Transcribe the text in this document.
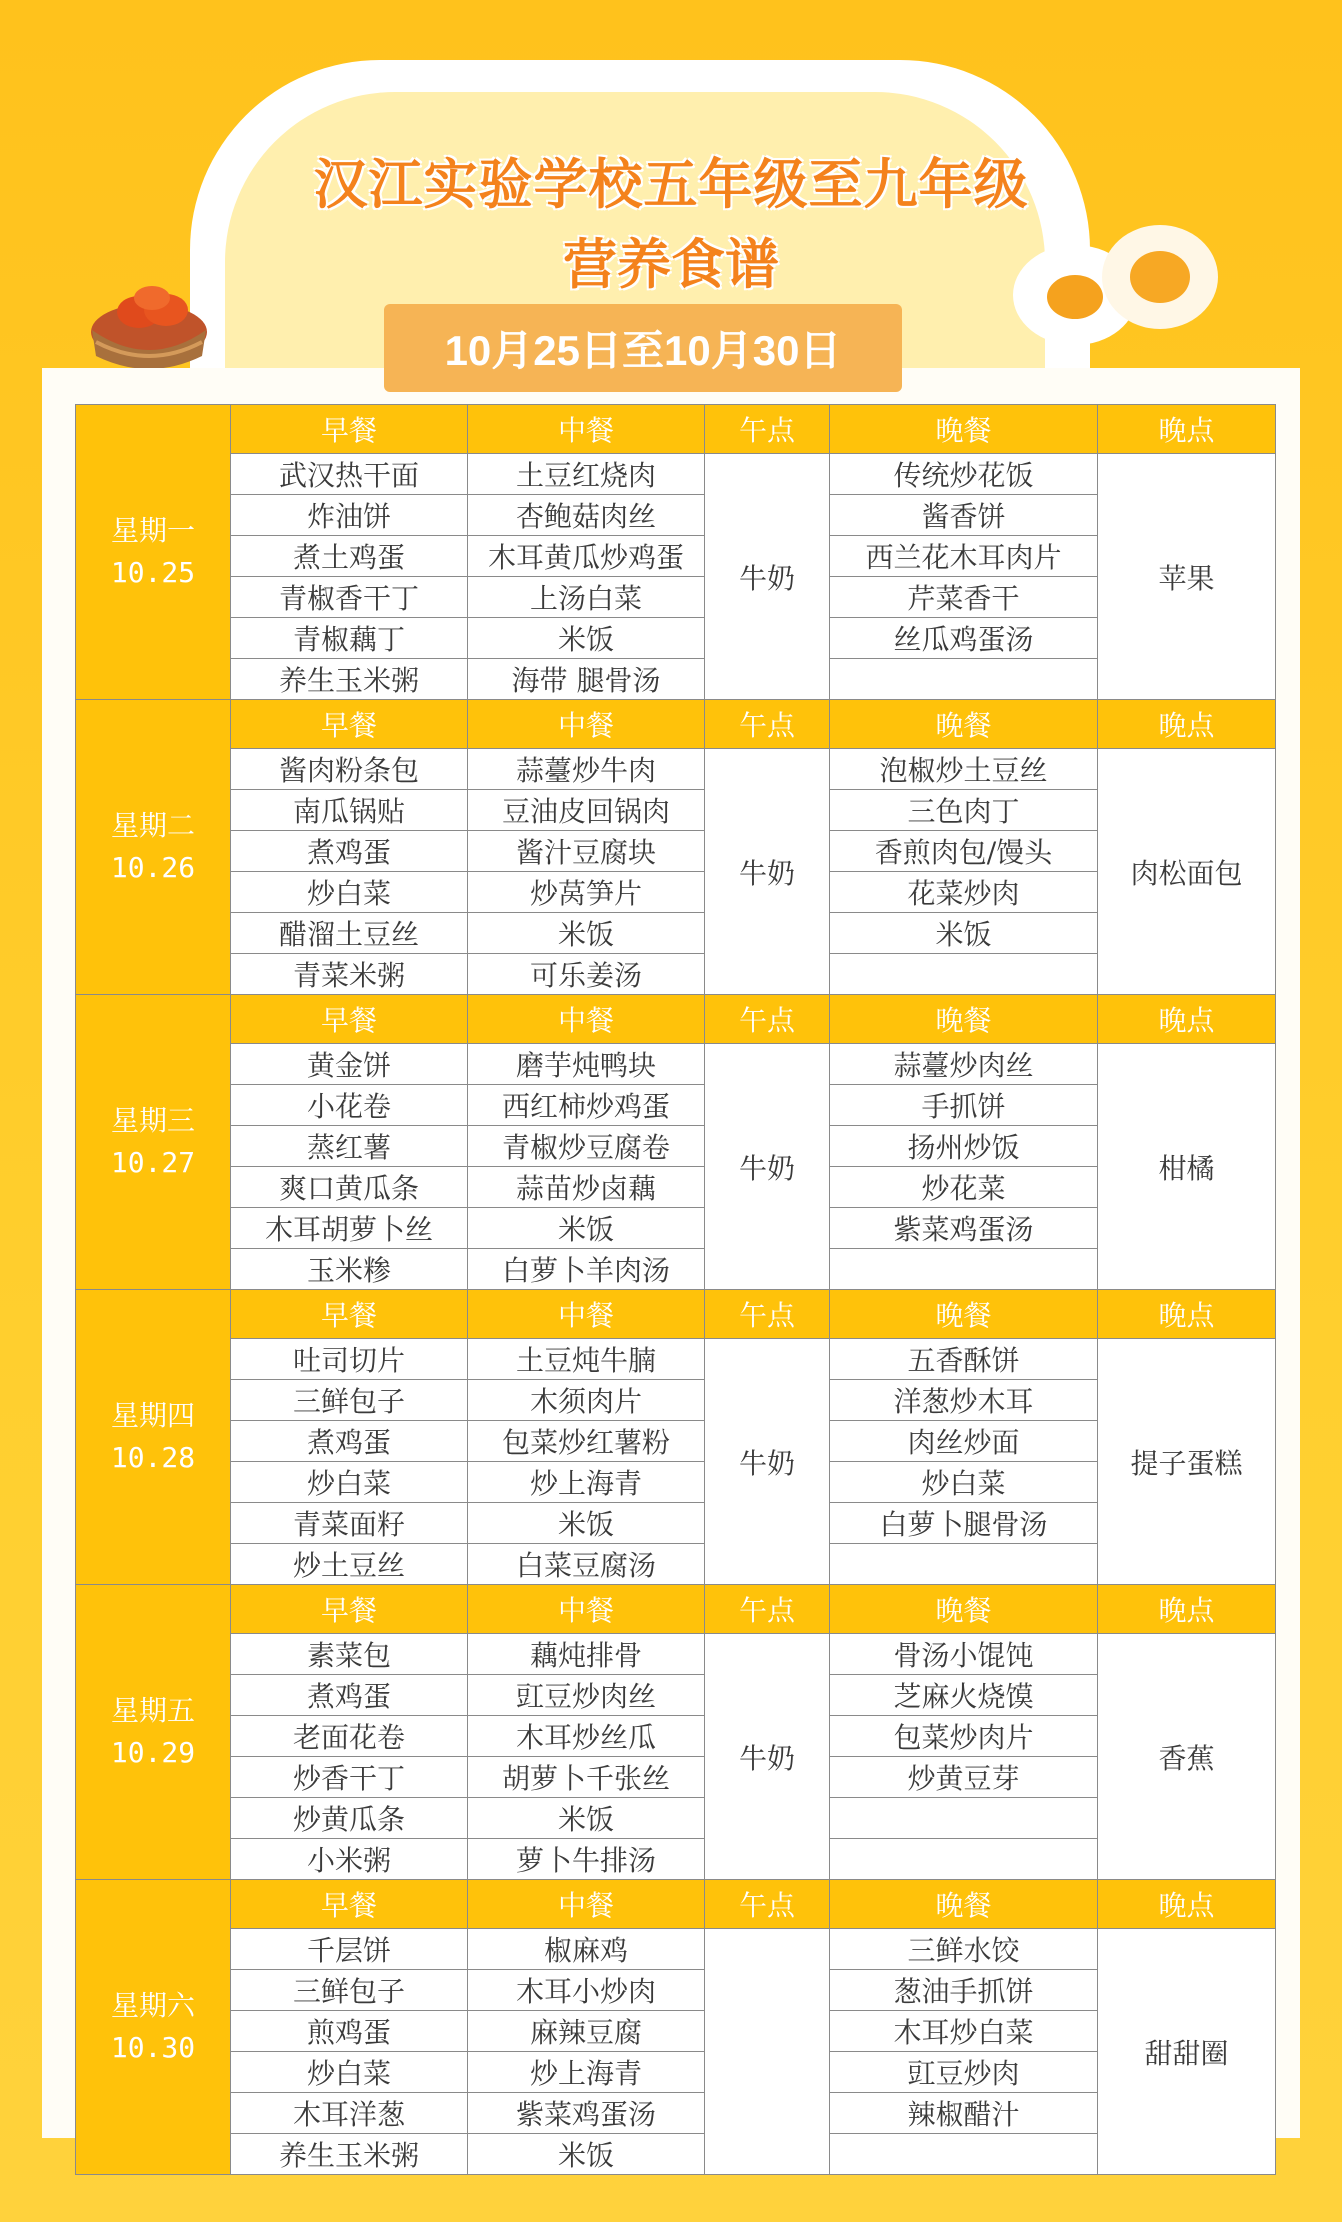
汉江实验学校五年级至九年级
营养食谱
10月25日至10月30日
星期一
10.25	早餐	中餐	午点	晚餐	晚点
	武汉热干面	土豆红烧肉	牛奶	传统炒花饭	苹果
	炸油饼	杏鲍菇肉丝		酱香饼	
	煮土鸡蛋	木耳黄瓜炒鸡蛋		西兰花木耳肉片	
	青椒香干丁	上汤白菜		芹菜香干	
	青椒藕丁	米饭		丝瓜鸡蛋汤	
	养生玉米粥	海带 腿骨汤			

星期二
10.26	早餐	中餐	午点	晚餐	晚点
	酱肉粉条包	蒜薹炒牛肉	牛奶	泡椒炒土豆丝	肉松面包
	南瓜锅贴	豆油皮回锅肉		三色肉丁	
	煮鸡蛋	酱汁豆腐块		香煎肉包/馒头	
	炒白菜	炒莴笋片		花菜炒肉	
	醋溜土豆丝	米饭		米饭	
	青菜米粥	可乐姜汤			

星期三
10.27	早餐	中餐	午点	晚餐	晚点
	黄金饼	磨芋炖鸭块	牛奶	蒜薹炒肉丝	柑橘
	小花卷	西红柿炒鸡蛋		手抓饼	
	蒸红薯	青椒炒豆腐卷		扬州炒饭	
	爽口黄瓜条	蒜苗炒卤藕		炒花菜	
	木耳胡萝卜丝	米饭		紫菜鸡蛋汤	
	玉米糁	白萝卜羊肉汤			

星期四
10.28	早餐	中餐	午点	晚餐	晚点
	吐司切片	土豆炖牛腩	牛奶	五香酥饼	提子蛋糕
	三鲜包子	木须肉片		洋葱炒木耳	
	煮鸡蛋	包菜炒红薯粉		肉丝炒面	
	炒白菜	炒上海青		炒白菜	
	青菜面籽	米饭		白萝卜腿骨汤	
	炒土豆丝	白菜豆腐汤			

星期五
10.29	早餐	中餐	午点	晚餐	晚点
	素菜包	藕炖排骨	牛奶	骨汤小馄饨	香蕉
	煮鸡蛋	豇豆炒肉丝		芝麻火烧馍	
	老面花卷	木耳炒丝瓜		包菜炒肉片	
	炒香干丁	胡萝卜千张丝		炒黄豆芽	
	炒黄瓜条	米饭			
	小米粥	萝卜牛排汤			

星期六
10.30	早餐	中餐	午点	晚餐	晚点
	千层饼	椒麻鸡		三鲜水饺	甜甜圈
	三鲜包子	木耳小炒肉		葱油手抓饼	
	煎鸡蛋	麻辣豆腐		木耳炒白菜	
	炒白菜	炒上海青		豇豆炒肉	
	木耳洋葱	紫菜鸡蛋汤		辣椒醋汁	
	养生玉米粥	米饭			
